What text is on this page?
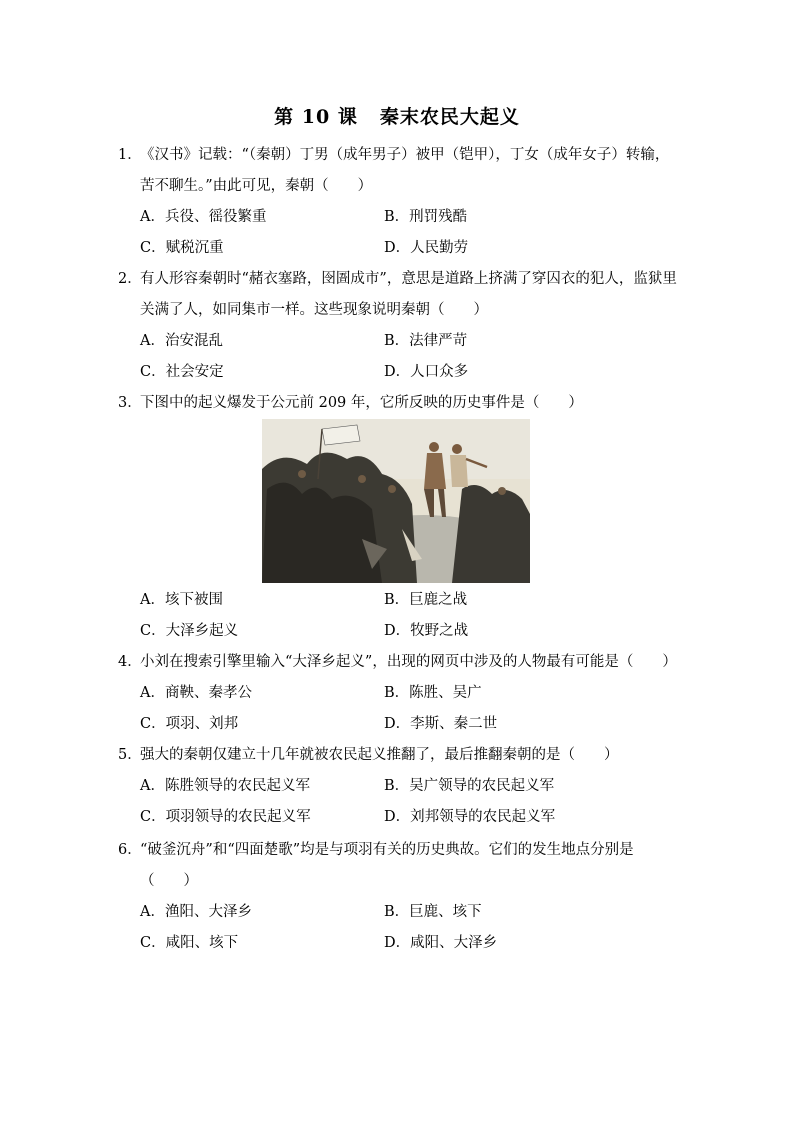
第 10 课 秦末农民大起义
1．《汉书》记载：“（秦朝）丁男（成年男子）被甲（铠甲），丁女（成年女子）转输，
苦不聊生。”由此可见，秦朝（　　）
A．兵役、徭役繁重	B．刑罚残酷
C．赋税沉重	D．人民勤劳
2．有人形容秦朝时“赭衣塞路，囹圄成市”，意思是道路上挤满了穿囚衣的犯人，监狱里
关满了人，如同集市一样。这些现象说明秦朝（　　）
A．治安混乱	B．法律严苛
C．社会安定	D．人口众多
3．下图中的起义爆发于公元前 209 年，它所反映的历史事件是（　　）
A．垓下被围	B．巨鹿之战
C．大泽乡起义	D．牧野之战
4．小刘在搜索引擎里输入“大泽乡起义”，出现的网页中涉及的人物最有可能是（　　）
A．商鞅、秦孝公	B．陈胜、吴广
C．项羽、刘邦	D．李斯、秦二世
5．强大的秦朝仅建立十几年就被农民起义推翻了，最后推翻秦朝的是（　　）
A．陈胜领导的农民起义军	B．吴广领导的农民起义军
C．项羽领导的农民起义军	D．刘邦领导的农民起义军
6．“破釜沉舟”和“四面楚歌”均是与项羽有关的历史典故。它们的发生地点分别是
（　　）
A．渔阳、大泽乡	B．巨鹿、垓下
C．咸阳、垓下	D．咸阳、大泽乡
